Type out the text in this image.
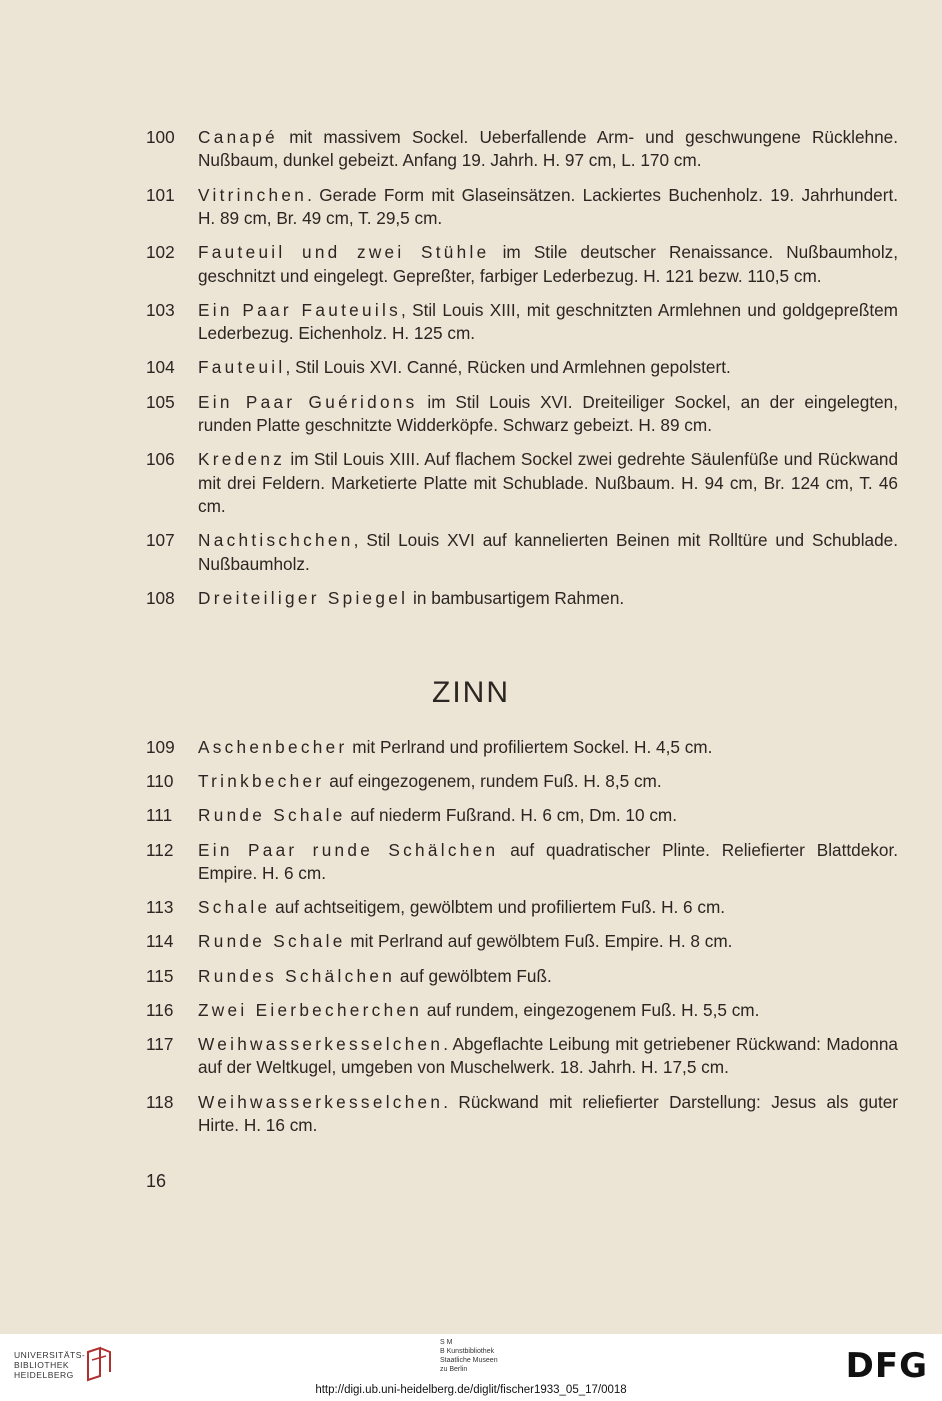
100	Canapé mit massivem Sockel. Ueberfallende Arm- und geschwungene Rücklehne. Nußbaum, dunkel gebeizt. Anfang 19. Jahrh. H. 97 cm, L. 170 cm.
101	Vitrinchen. Gerade Form mit Glaseinsätzen. Lackiertes Buchenholz. 19. Jahrhundert. H. 89 cm, Br. 49 cm, T. 29,5 cm.
102	Fauteuil und zwei Stühle im Stile deutscher Renaissance. Nußbaumholz, geschnitzt und eingelegt. Gepreßter, farbiger Lederbezug. H. 121 bezw. 110,5 cm.
103	Ein Paar Fauteuils, Stil Louis XIII, mit geschnitzten Armlehnen und goldgepreßtem Lederbezug. Eichenholz. H. 125 cm.
104	Fauteuil, Stil Louis XVI. Canné, Rücken und Armlehnen gepolstert.
105	Ein Paar Guéridons im Stil Louis XVI. Dreiteiliger Sockel, an der eingelegten, runden Platte geschnitzte Widderköpfe. Schwarz gebeizt. H. 89 cm.
106	Kredenz im Stil Louis XIII. Auf flachem Sockel zwei gedrehte Säulenfüße und Rückwand mit drei Feldern. Marketierte Platte mit Schublade. Nußbaum. H. 94 cm, Br. 124 cm, T. 46 cm.
107	Nachtischchen, Stil Louis XVI auf kannelierten Beinen mit Rolltüre und Schublade. Nußbaumholz.
108	Dreiteiliger Spiegel in bambusartigem Rahmen.
ZINN
109	Aschenbecher mit Perlrand und profiliertem Sockel. H. 4,5 cm.
110	Trinkbecher auf eingezogenem, rundem Fuß. H. 8,5 cm.
111	Runde Schale auf niederm Fußrand. H. 6 cm, Dm. 10 cm.
112	Ein Paar runde Schälchen auf quadratischer Plinte. Reliefierter Blattdekor. Empire. H. 6 cm.
113	Schale auf achtseitigem, gewölbtem und profiliertem Fuß. H. 6 cm.
114	Runde Schale mit Perlrand auf gewölbtem Fuß. Empire. H. 8 cm.
115	Rundes Schälchen auf gewölbtem Fuß.
116	Zwei Eierbecherchen auf rundem, eingezogenem Fuß. H. 5,5 cm.
117	Weihwasserkesselchen. Abgeflachte Leibung mit getriebener Rückwand: Madonna auf der Weltkugel, umgeben von Muschelwerk. 18. Jahrh. H. 17,5 cm.
118	Weihwasserkesselchen. Rückwand mit reliefierter Darstellung: Jesus als guter Hirte. H. 16 cm.
16
UNIVERSITÄTS-
BIBLIOTHEK
HEIDELBERG
S M
B Kunstbibliothek
Staatliche Museen
zu Berlin
http://digi.ub.uni-heidelberg.de/diglit/fischer1933_05_17/0018
DFG
